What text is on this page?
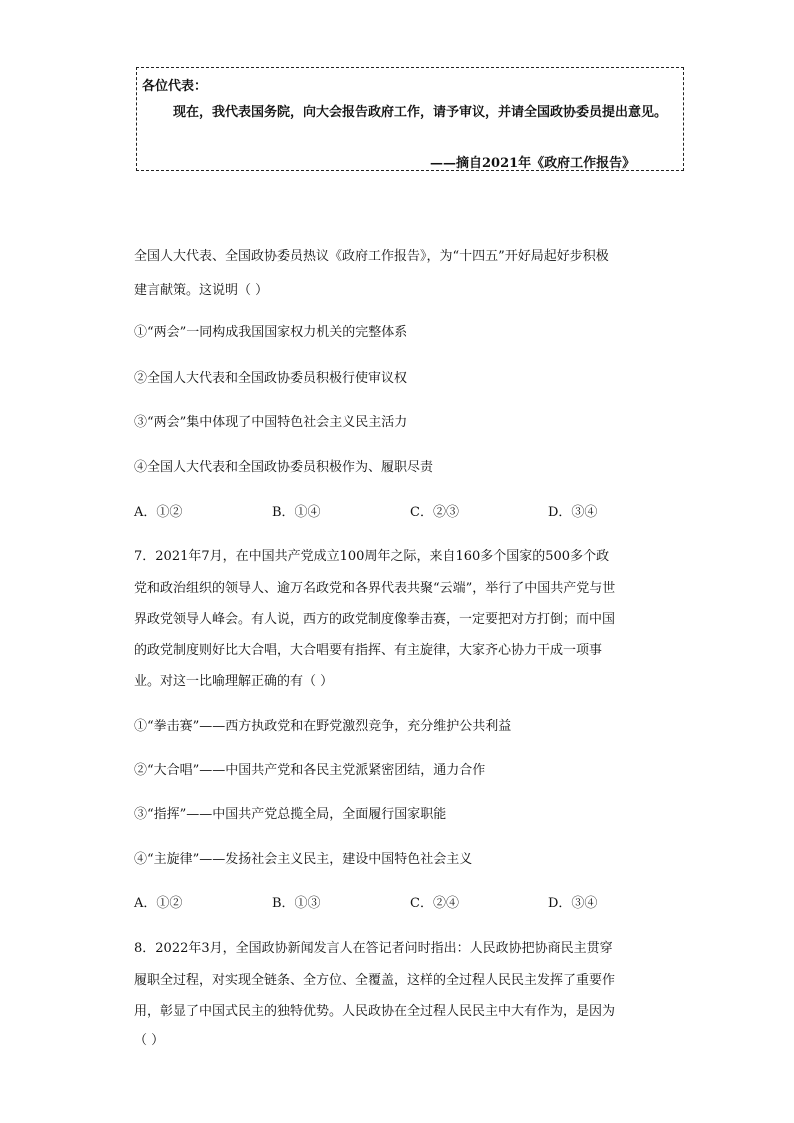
各位代表：
现在，我代表国务院，向大会报告政府工作，请予审议，并请全国政协委员提出意见。
——摘自2021年《政府工作报告》
全国人大代表、全国政协委员热议《政府工作报告》，为“十四五”开好局起好步积极
建言献策。这说明（ ）
①“两会”一同构成我国国家权力机关的完整体系
②全国人大代表和全国政协委员积极行使审议权
③“两会”集中体现了中国特色社会主义民主活力
④全国人大代表和全国政协委员积极作为、履职尽责
A．①②	B．①④	C．②③	D．③④
7．2021年7月，在中国共产党成立100周年之际，来自160多个国家的500多个政
党和政治组织的领导人、逾万名政党和各界代表共聚“云端”，举行了中国共产党与世
界政党领导人峰会。有人说，西方的政党制度像拳击赛，一定要把对方打倒；而中国
的政党制度则好比大合唱，大合唱要有指挥、有主旋律，大家齐心协力干成一项事
业。对这一比喻理解正确的有（ ）
①“拳击赛”——西方执政党和在野党激烈竞争，充分维护公共利益
②“大合唱”——中国共产党和各民主党派紧密团结，通力合作
③“指挥”——中国共产党总揽全局，全面履行国家职能
④“主旋律”——发扬社会主义民主，建设中国特色社会主义
A．①②	B．①③	C．②④	D．③④
8．2022年3月，全国政协新闻发言人在答记者问时指出：人民政协把协商民主贯穿
履职全过程，对实现全链条、全方位、全覆盖，这样的全过程人民民主发挥了重要作
用，彰显了中国式民主的独特优势。人民政协在全过程人民民主中大有作为，是因为
（ ）
